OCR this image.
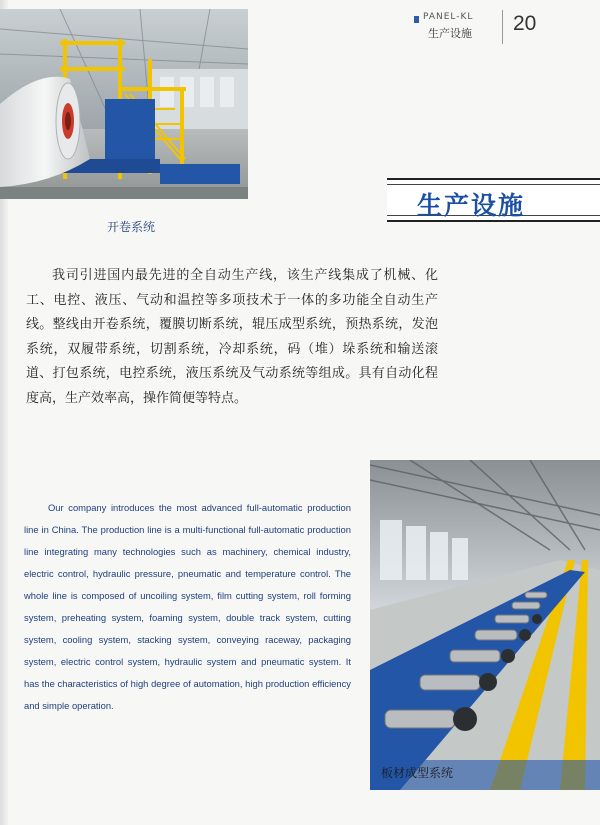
PANEL-KL
生产设施 20
开卷系统
生产设施

我司引进国内最先进的全自动生产线，该生产线集成了机械、化工、电控、液压、气动和温控等多项技术于一体的多功能全自动生产线。整线由开卷系统，覆膜切断系统，辊压成型系统，预热系统，发泡系统，双履带系统，切割系统，冷却系统，码（堆）垛系统和输送滚道、打包系统，电控系统，液压系统及气动系统等组成。具有自动化程度高，生产效率高，操作简便等特点。

Our company introduces the most advanced full-automatic production line in China. The production line is a multi-functional full-automatic production line integrating many technologies such as machinery, chemical industry, electric control, hydraulic pressure, pneumatic and temperature control. The whole line is composed of uncoiling system, film cutting system, roll forming system, preheating system, foaming system, double track system, cutting system, cooling system, stacking system, conveying raceway, packaging system, electric control system, hydraulic system and pneumatic system. It has the characteristics of high degree of automation, high production efficiency and simple operation.

板材成型系统
